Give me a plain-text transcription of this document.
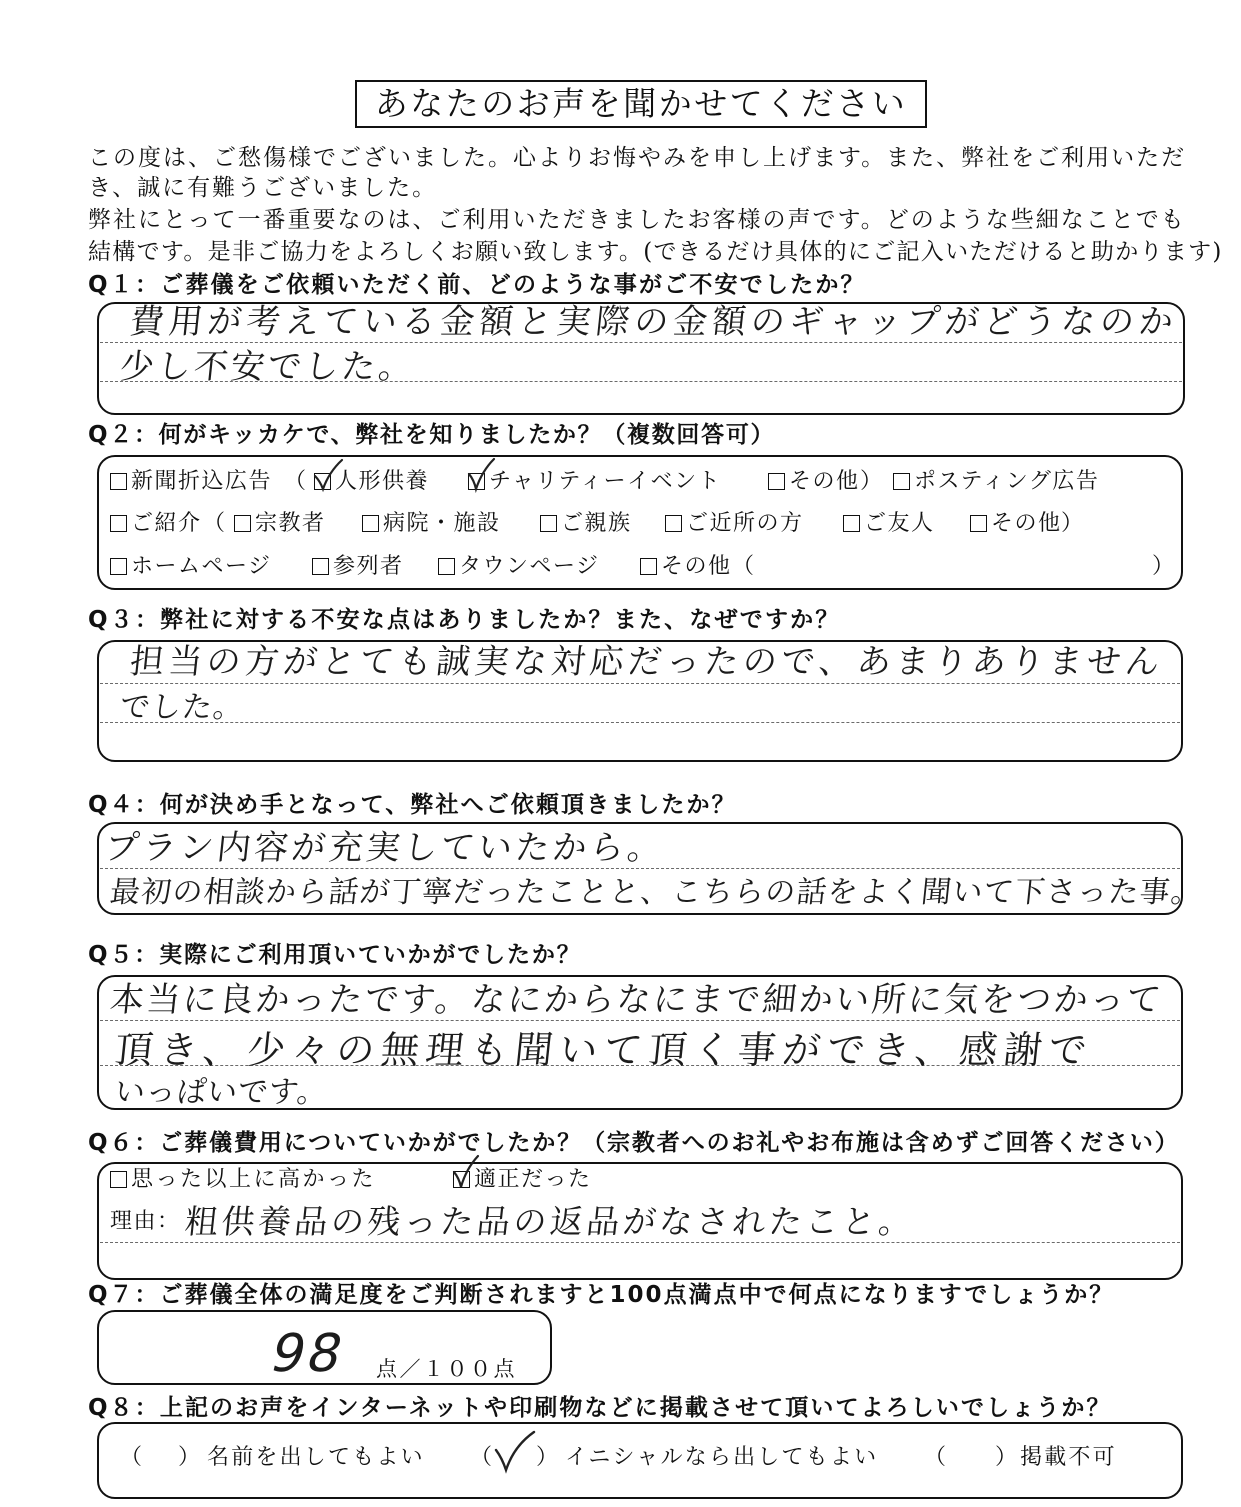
あなたのお声を聞かせてください
この度は、ご愁傷様でございました。心よりお悔やみを申し上げます。また、弊社をご利用いただ
き、誠に有難うございました。
弊社にとって一番重要なのは、ご利用いただきましたお客様の声です。どのような些細なことでも
結構です。是非ご協力をよろしくお願い致します。(できるだけ具体的にご記入いただけると助かります)
Q１：ご葬儀をご依頼いただく前、どのような事がご不安でしたか？
費用が考えている金額と実際の金額のギャップがどうなのか
少し不安でした。
Q２：何がキッカケで、弊社を知りましたか？（複数回答可）
新聞折込広告 （	人形供養	チャリティーイベント	その他 ）	ポスティング広告
ご紹介 （	宗教者	病院・施設	ご親族	ご近所の方	ご友人	その他 ）
ホームページ	参列者	タウンページ	その他 （	）
Q３：弊社に対する不安な点はありましたか？また、なぜですか？
担当の方がとても誠実な対応だったので、あまりありません
でした。
Q４：何が決め手となって、弊社へご依頼頂きましたか？
プラン内容が充実していたから。
最初の相談から話が丁寧だったことと、こちらの話をよく聞いて下さった事。
Q５：実際にご利用頂いていかがでしたか？
本当に良かったです。なにからなにまで細かい所に気をつかって
頂き、少々の無理も聞いて頂く事ができ、感謝で
いっぱいです。
Q６：ご葬儀費用についていかがでしたか？（宗教者へのお礼やお布施は含めずご回答ください）
思った以上に高かった	適正だった
理由： 粗供養品の残った品の返品がなされたこと。
Q７：ご葬儀全体の満足度をご判断されますと100点満点中で何点になりますでしょうか？
98 点／１００点
Q８：上記のお声をインターネットや印刷物などに掲載させて頂いてよろしいでしょうか？
（ ） 名前を出してもよい （ ） イニシャルなら出してもよい （ ） 掲載不可
